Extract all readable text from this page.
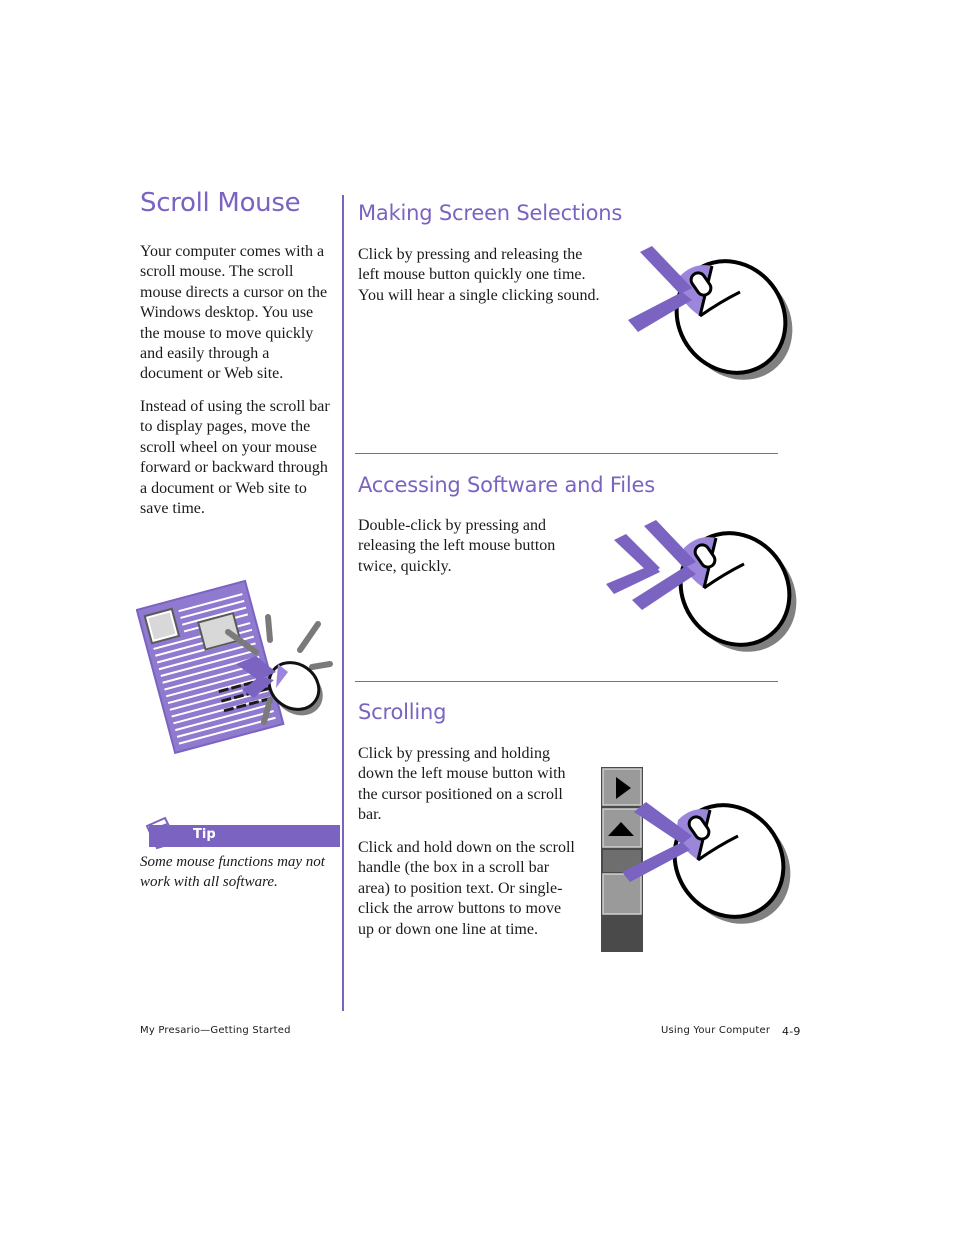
Scroll Mouse
Your computer comes with a scroll mouse. The scroll mouse directs a cursor on the Windows desktop. You use the mouse to move quickly and easily through a document or Web site.
Instead of using the scroll bar to display pages, move the scroll wheel on your mouse forward or backward through a document or Web site to save time.
Tip
Some mouse functions may not work with all software.
Making Screen Selections
Click by pressing and releasing the left mouse button quickly one time. You will hear a single clicking sound.
Accessing Software and Files
Double-click by pressing and releasing the left mouse button twice, quickly.
Scrolling
Click by pressing and holding down the left mouse button with the cursor positioned on a scroll bar.
Click and hold down on the scroll handle (the box in a scroll bar area) to position text. Or single-click the arrow buttons to move up or down one line at time.
My Presario—Getting Started	Using Your Computer 4-9
